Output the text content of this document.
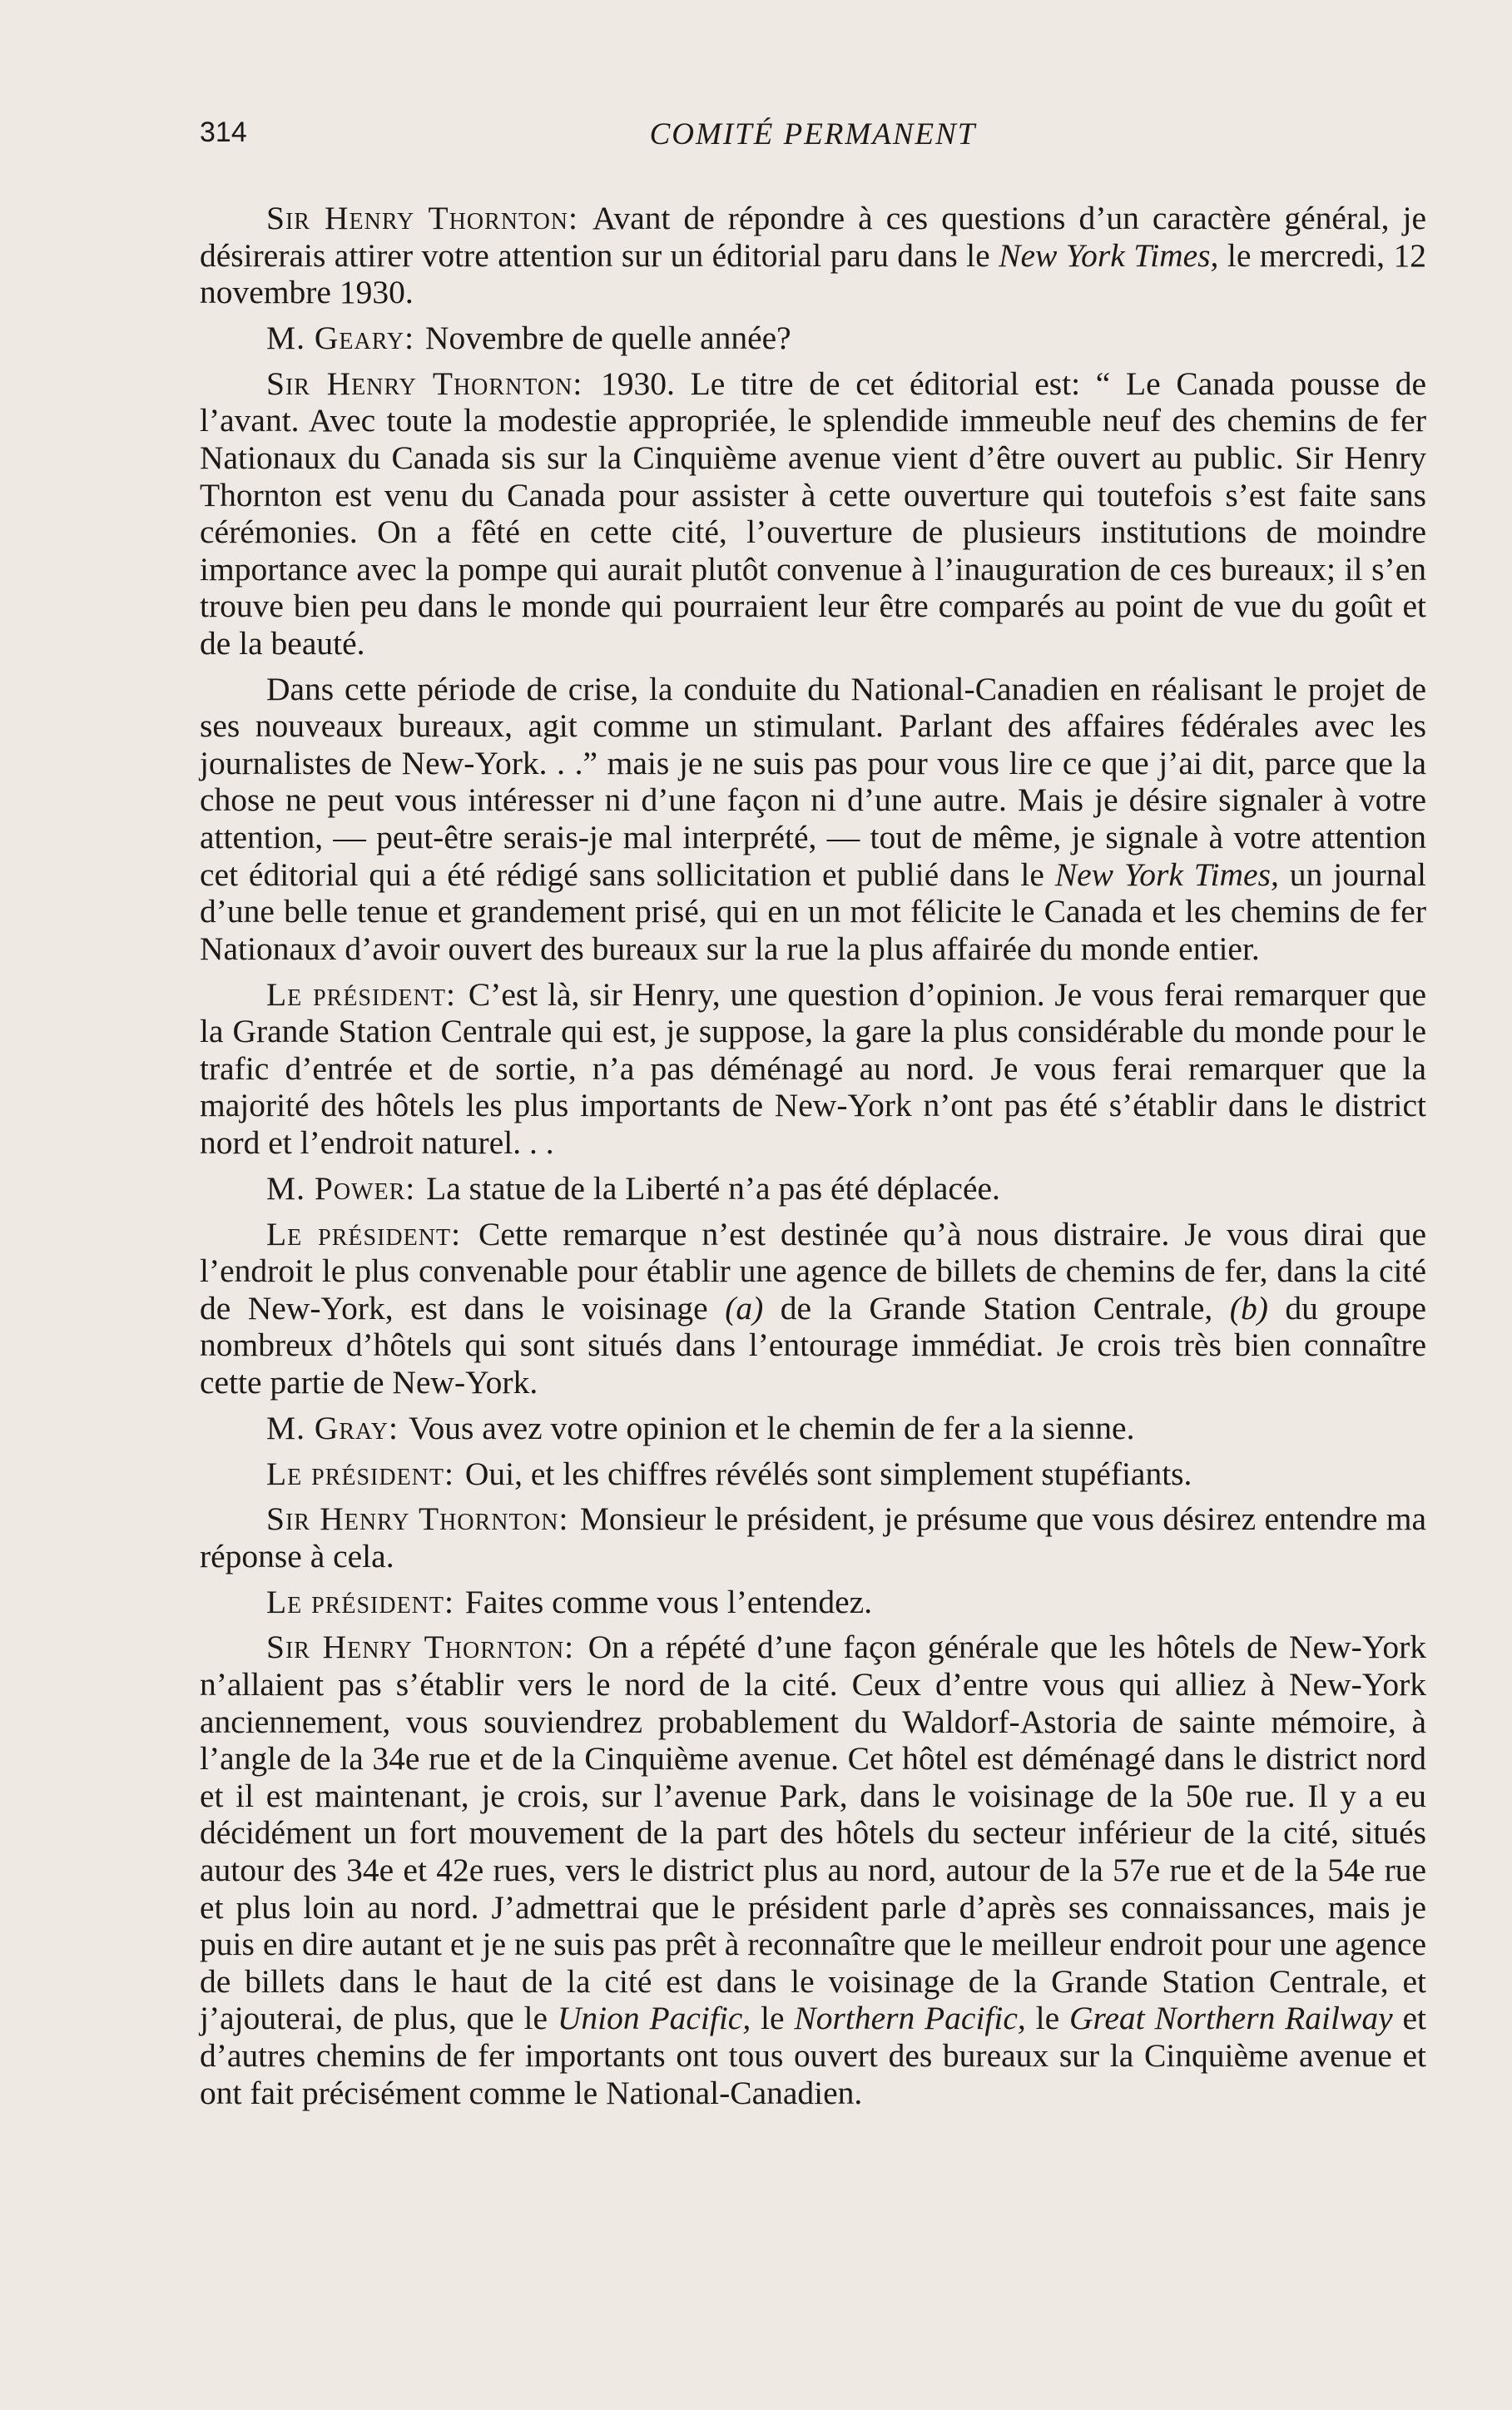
314	COMITÉ PERMANENT

Sir Henry Thornton: Avant de répondre à ces questions d’un caractère général, je désirerais attirer votre attention sur un éditorial paru dans le New York Times, le mercredi, 12 novembre 1930.

M. Geary: Novembre de quelle année?

Sir Henry Thornton: 1930. Le titre de cet éditorial est: “ Le Canada pousse de l’avant. Avec toute la modestie appropriée, le splendide immeuble neuf des chemins de fer Nationaux du Canada sis sur la Cinquième avenue vient d’être ouvert au public. Sir Henry Thornton est venu du Canada pour assister à cette ouverture qui toutefois s’est faite sans cérémonies. On a fêté en cette cité, l’ouverture de plusieurs institutions de moindre importance avec la pompe qui aurait plutôt convenue à l’inauguration de ces bureaux; il s’en trouve bien peu dans le monde qui pourraient leur être comparés au point de vue du goût et de la beauté.

Dans cette période de crise, la conduite du National-Canadien en réalisant le projet de ses nouveaux bureaux, agit comme un stimulant. Parlant des affaires fédérales avec les journalistes de New-York. . .” mais je ne suis pas pour vous lire ce que j’ai dit, parce que la chose ne peut vous intéresser ni d’une façon ni d’une autre. Mais je désire signaler à votre attention, — peut-être serais-je mal interprété, — tout de même, je signale à votre attention cet éditorial qui a été rédigé sans sollicitation et publié dans le New York Times, un journal d’une belle tenue et grandement prisé, qui en un mot félicite le Canada et les chemins de fer Nationaux d’avoir ouvert des bureaux sur la rue la plus affairée du monde entier.

Le président: C’est là, sir Henry, une question d’opinion. Je vous ferai remarquer que la Grande Station Centrale qui est, je suppose, la gare la plus considérable du monde pour le trafic d’entrée et de sortie, n’a pas déménagé au nord. Je vous ferai remarquer que la majorité des hôtels les plus importants de New-York n’ont pas été s’établir dans le district nord et l’endroit naturel. . .

M. Power: La statue de la Liberté n’a pas été déplacée.

Le président: Cette remarque n’est destinée qu’à nous distraire. Je vous dirai que l’endroit le plus convenable pour établir une agence de billets de chemins de fer, dans la cité de New-York, est dans le voisinage (a) de la Grande Station Centrale, (b) du groupe nombreux d’hôtels qui sont situés dans l’entourage immédiat. Je crois très bien connaître cette partie de New-York.

M. Gray: Vous avez votre opinion et le chemin de fer a la sienne.

Le président: Oui, et les chiffres révélés sont simplement stupéfiants.

Sir Henry Thornton: Monsieur le président, je présume que vous désirez entendre ma réponse à cela.

Le président: Faites comme vous l’entendez.

Sir Henry Thornton: On a répété d’une façon générale que les hôtels de New-York n’allaient pas s’établir vers le nord de la cité. Ceux d’entre vous qui alliez à New-York anciennement, vous souviendrez probablement du Waldorf-Astoria de sainte mémoire, à l’angle de la 34e rue et de la Cinquième avenue. Cet hôtel est déménagé dans le district nord et il est maintenant, je crois, sur l’avenue Park, dans le voisinage de la 50e rue. Il y a eu décidément un fort mouvement de la part des hôtels du secteur inférieur de la cité, situés autour des 34e et 42e rues, vers le district plus au nord, autour de la 57e rue et de la 54e rue et plus loin au nord. J’admettrai que le président parle d’après ses connaissances, mais je puis en dire autant et je ne suis pas prêt à reconnaître que le meilleur endroit pour une agence de billets dans le haut de la cité est dans le voisinage de la Grande Station Centrale, et j’ajouterai, de plus, que le Union Pacific, le Northern Pacific, le Great Northern Railway et d’autres chemins de fer importants ont tous ouvert des bureaux sur la Cinquième avenue et ont fait précisément comme le National-Canadien.
